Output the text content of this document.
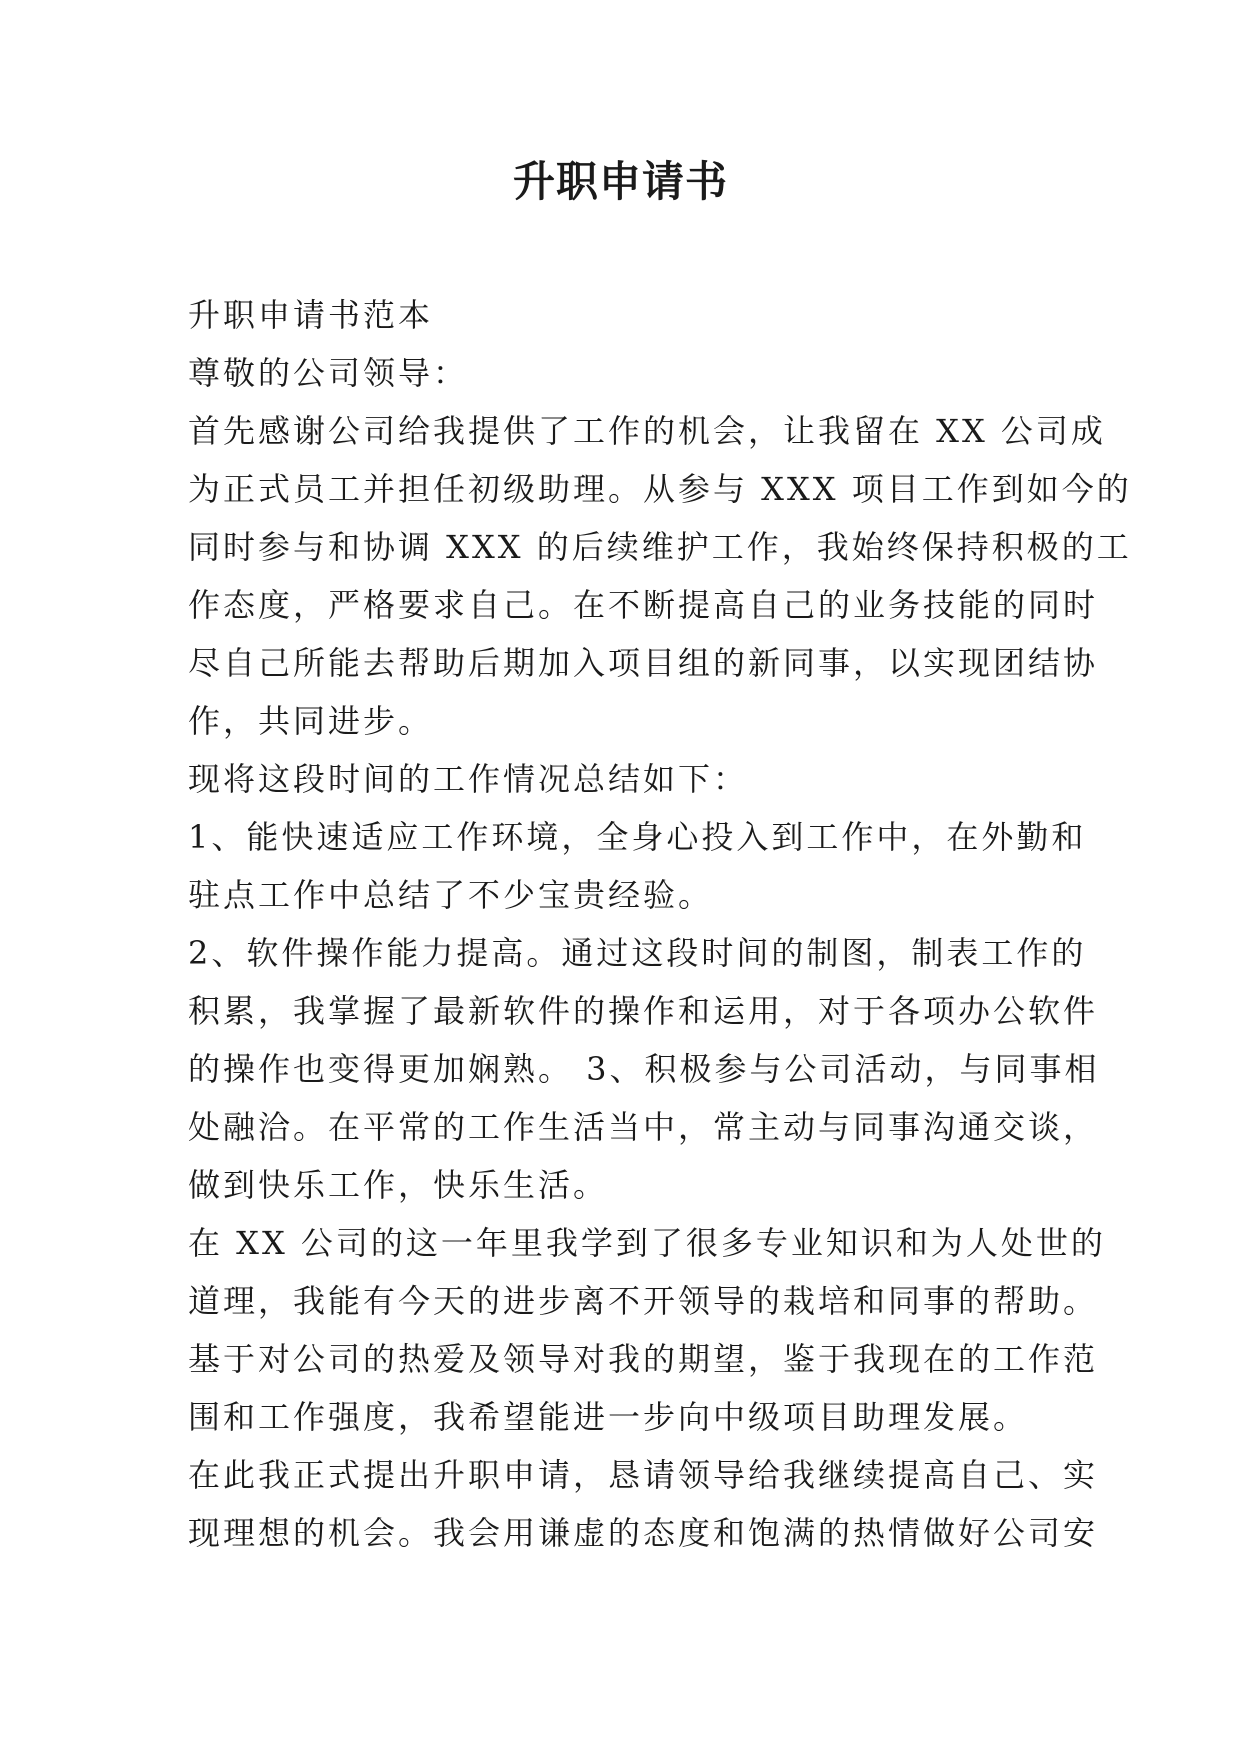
升职申请书
升职申请书范本
尊敬的公司领导：
首先感谢公司给我提供了工作的机会，让我留在 XX 公司成
为正式员工并担任初级助理。从参与 XXX 项目工作到如今的
同时参与和协调 XXX 的后续维护工作，我始终保持积极的工
作态度，严格要求自己。在不断提高自己的业务技能的同时
尽自己所能去帮助后期加入项目组的新同事，以实现团结协
作，共同进步。
现将这段时间的工作情况总结如下：
1、能快速适应工作环境，全身心投入到工作中，在外勤和
驻点工作中总结了不少宝贵经验。
2、软件操作能力提高。通过这段时间的制图，制表工作的
积累，我掌握了最新软件的操作和运用，对于各项办公软件
的操作也变得更加娴熟。 3、积极参与公司活动，与同事相
处融洽。在平常的工作生活当中，常主动与同事沟通交谈，
做到快乐工作，快乐生活。
在 XX 公司的这一年里我学到了很多专业知识和为人处世的
道理，我能有今天的进步离不开领导的栽培和同事的帮助。
基于对公司的热爱及领导对我的期望，鉴于我现在的工作范
围和工作强度，我希望能进一步向中级项目助理发展。
在此我正式提出升职申请，恳请领导给我继续提高自己、实
现理想的机会。我会用谦虚的态度和饱满的热情做好公司安
